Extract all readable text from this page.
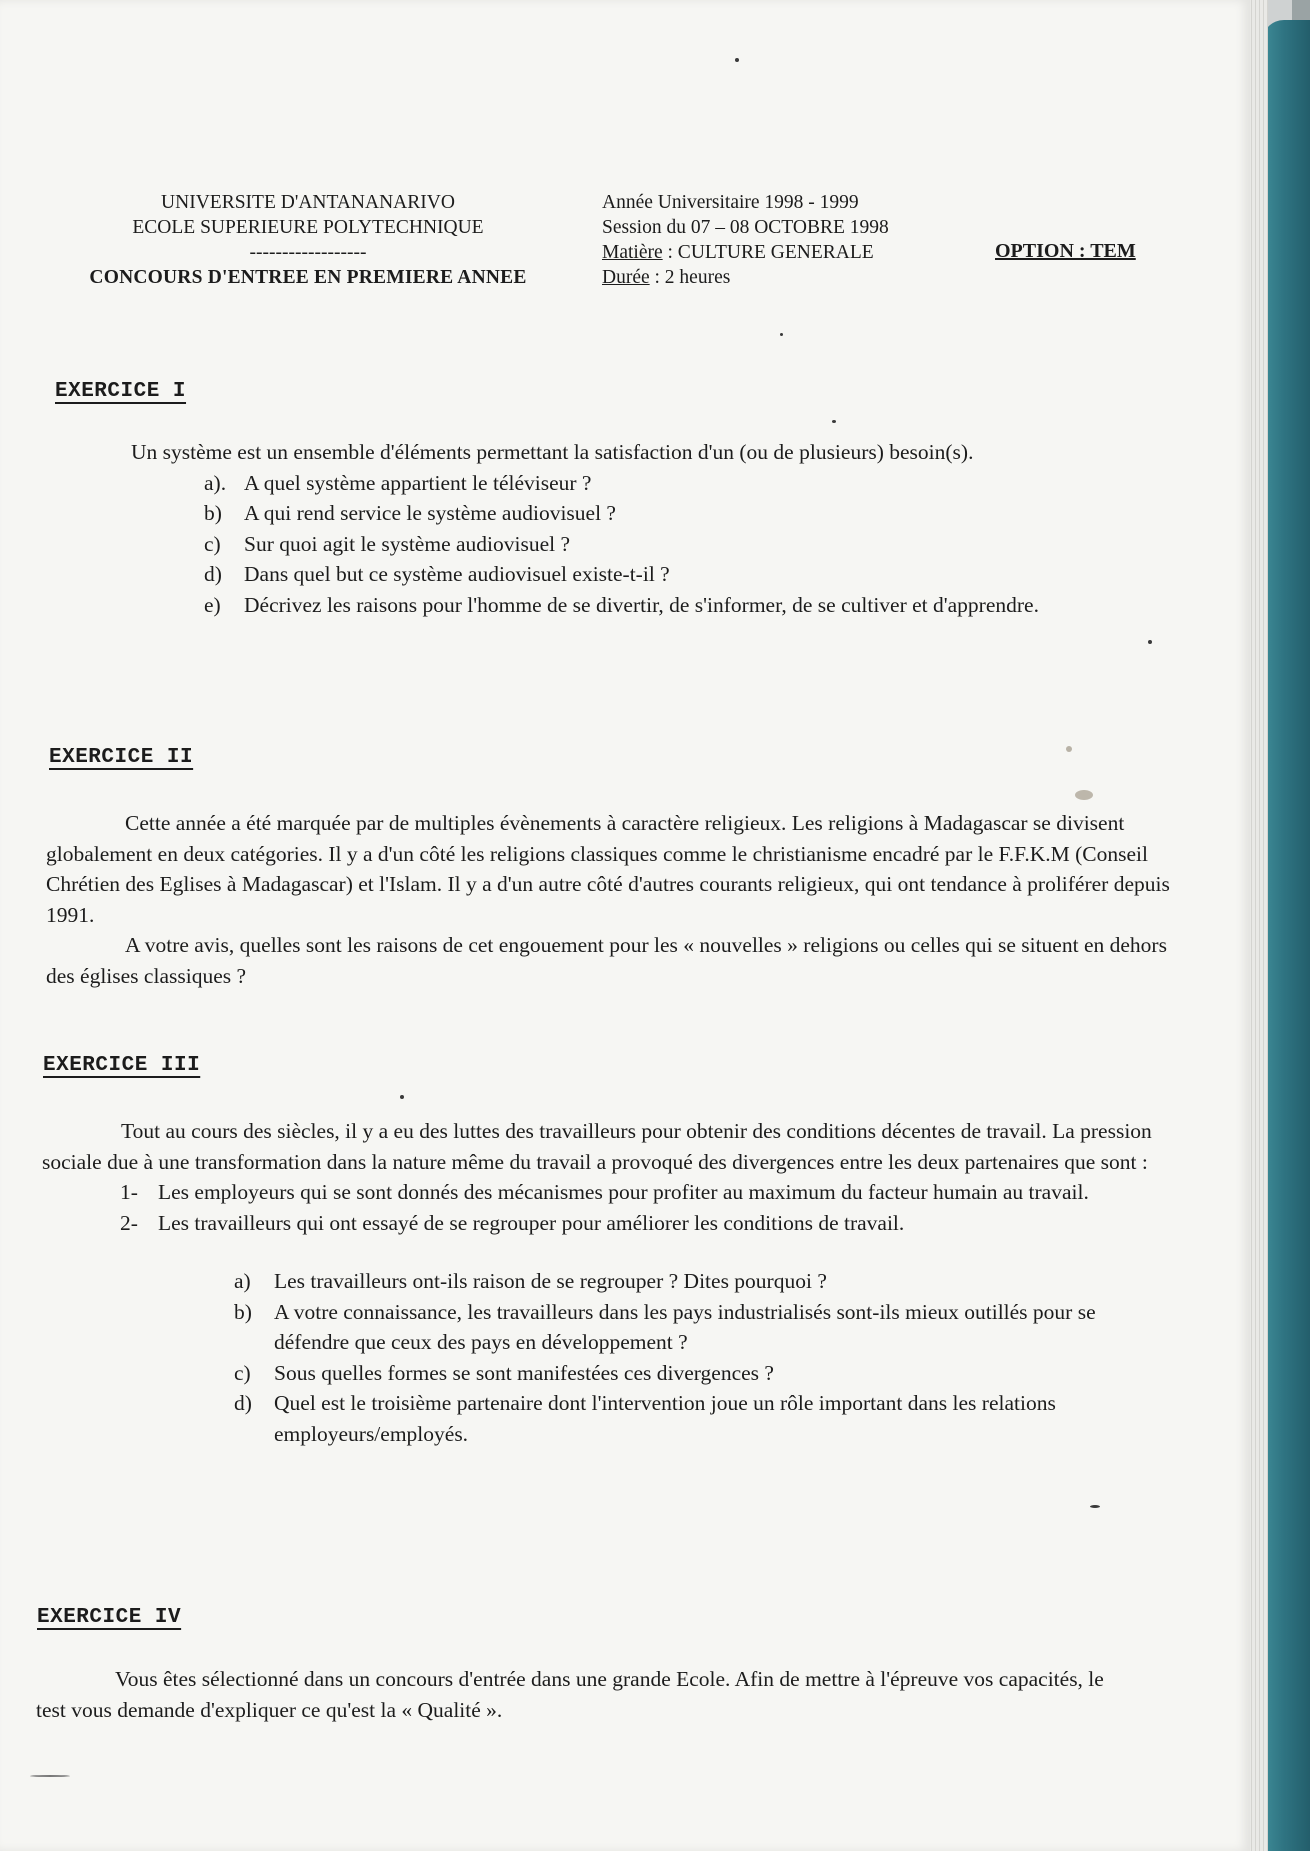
UNIVERSITE D'ANTANANARIVO
ECOLE SUPERIEURE POLYTECHNIQUE
------------------
CONCOURS D'ENTREE EN PREMIERE ANNEE
Année Universitaire 1998 - 1999
Session du 07 – 08 OCTOBRE 1998
Matière : CULTURE GENERALE
Durée : 2 heures
OPTION : TEM
EXERCICE I

Un système est un ensemble d'éléments permettant la satisfaction d'un (ou de plusieurs) besoin(s).

a). A quel système appartient le téléviseur ?
b)	A qui rend service le système audiovisuel ?
c)	Sur quoi agit le système audiovisuel ?
d)	Dans quel but ce système audiovisuel existe-t-il ?
e)	Décrivez les raisons pour l'homme de se divertir, de s'informer, de se cultiver et d'apprendre.
EXERCICE II

Cette année a été marquée par de multiples évènements à caractère religieux. Les religions à Madagascar se divisent globalement en deux catégories. Il y a d'un côté les religions classiques comme le christianisme encadré par le F.F.K.M (Conseil Chrétien des Eglises à Madagascar) et l'Islam. Il y a d'un autre côté d'autres courants religieux, qui ont tendance à proliférer depuis 1991.

A votre avis, quelles sont les raisons de cet engouement pour les « nouvelles » religions ou celles qui se situent en dehors des églises classiques ?

EXERCICE III

Tout au cours des siècles, il y a eu des luttes des travailleurs pour obtenir des conditions décentes de travail. La pression sociale due à une transformation dans la nature même du travail a provoqué des divergences entre les deux partenaires que sont :

1- Les employeurs qui se sont donnés des mécanismes pour profiter au maximum du facteur humain au travail.
2- Les travailleurs qui ont essayé de se regrouper pour améliorer les conditions de travail.
a)	Les travailleurs ont-ils raison de se regrouper ? Dites pourquoi ?
b)	A votre connaissance, les travailleurs dans les pays industrialisés sont-ils mieux outillés pour se défendre que ceux des pays en développement ?
c)	Sous quelles formes se sont manifestées ces divergences ?
d)	Quel est le troisième partenaire dont l'intervention joue un rôle important dans les relations employeurs/employés.
EXERCICE IV

Vous êtes sélectionné dans un concours d'entrée dans une grande Ecole. Afin de mettre à l'épreuve vos capacités, le test vous demande d'expliquer ce qu'est la « Qualité ».
